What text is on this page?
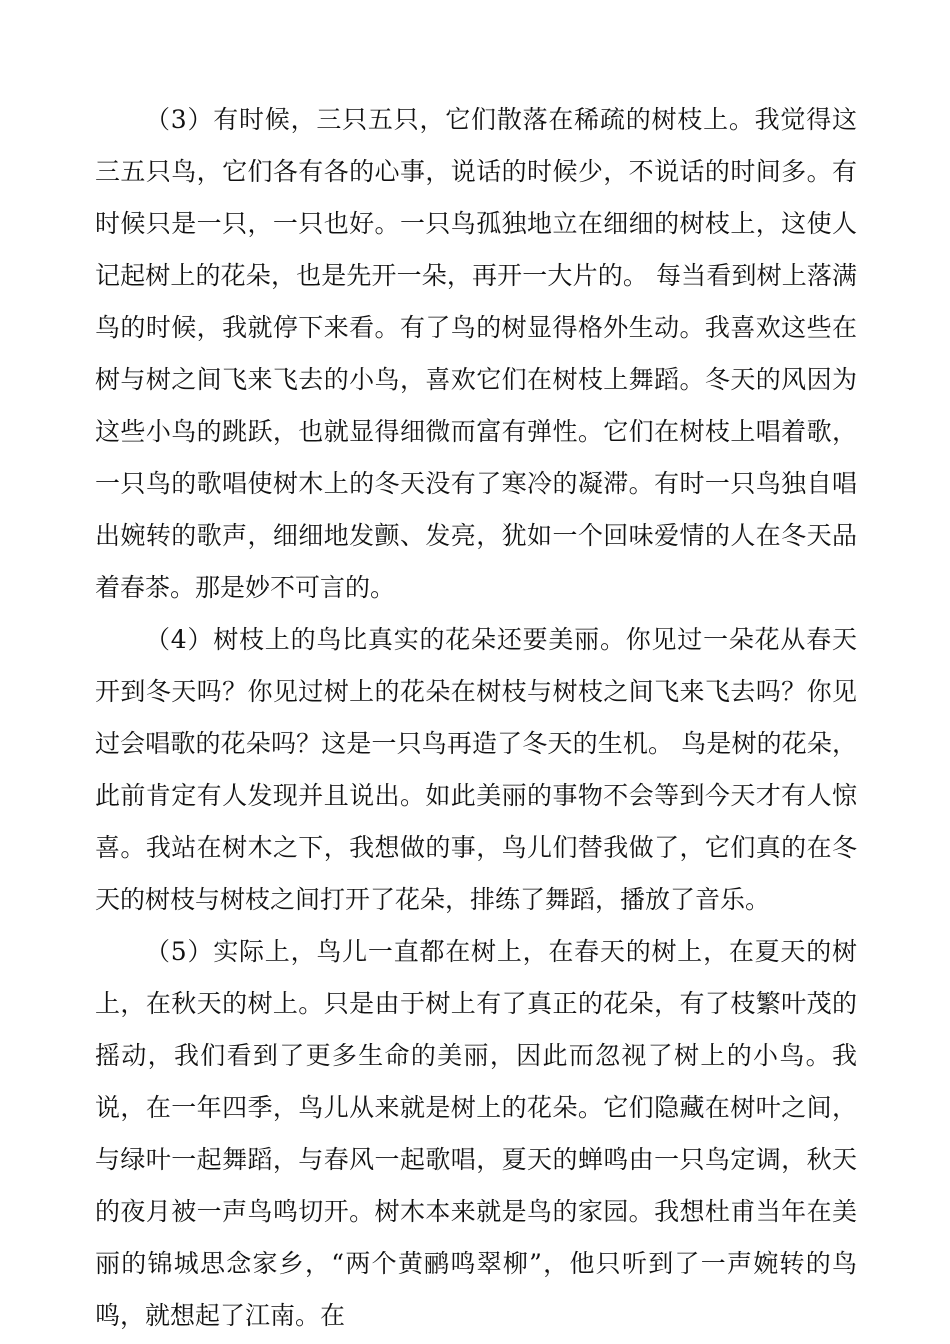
（3）有时候，三只五只，它们散落在稀疏的树枝上。我觉得这三五只鸟，它们各有各的心事，说话的时候少，不说话的时间多。有时候只是一只，一只也好。一只鸟孤独地立在细细的树枝上，这使人记起树上的花朵，也是先开一朵，再开一大片的。 每当看到树上落满鸟的时候，我就停下来看。有了鸟的树显得格外生动。我喜欢这些在树与树之间飞来飞去的小鸟，喜欢它们在树枝上舞蹈。冬天的风因为这些小鸟的跳跃，也就显得细微而富有弹性。它们在树枝上唱着歌，一只鸟的歌唱使树木上的冬天没有了寒冷的凝滞。有时一只鸟独自唱出婉转的歌声，细细地发颤、发亮，犹如一个回味爱情的人在冬天品着春茶。那是妙不可言的。

（4）树枝上的鸟比真实的花朵还要美丽。你见过一朵花从春天开到冬天吗？你见过树上的花朵在树枝与树枝之间飞来飞去吗？你见过会唱歌的花朵吗？这是一只鸟再造了冬天的生机。 鸟是树的花朵，此前肯定有人发现并且说出。如此美丽的事物不会等到今天才有人惊喜。我站在树木之下，我想做的事，鸟儿们替我做了，它们真的在冬天的树枝与树枝之间打开了花朵，排练了舞蹈，播放了音乐。

（5）实际上，鸟儿一直都在树上，在春天的树上，在夏天的树上，在秋天的树上。只是由于树上有了真正的花朵，有了枝繁叶茂的摇动，我们看到了更多生命的美丽，因此而忽视了树上的小鸟。我说，在一年四季，鸟儿从来就是树上的花朵。它们隐藏在树叶之间，与绿叶一起舞蹈，与春风一起歌唱，夏天的蝉鸣由一只鸟定调，秋天的夜月被一声鸟鸣切开。树木本来就是鸟的家园。我想杜甫当年在美丽的锦城思念家乡，“两个黄鹂鸣翠柳”，他只听到了一声婉转的鸟鸣，就想起了江南。在
